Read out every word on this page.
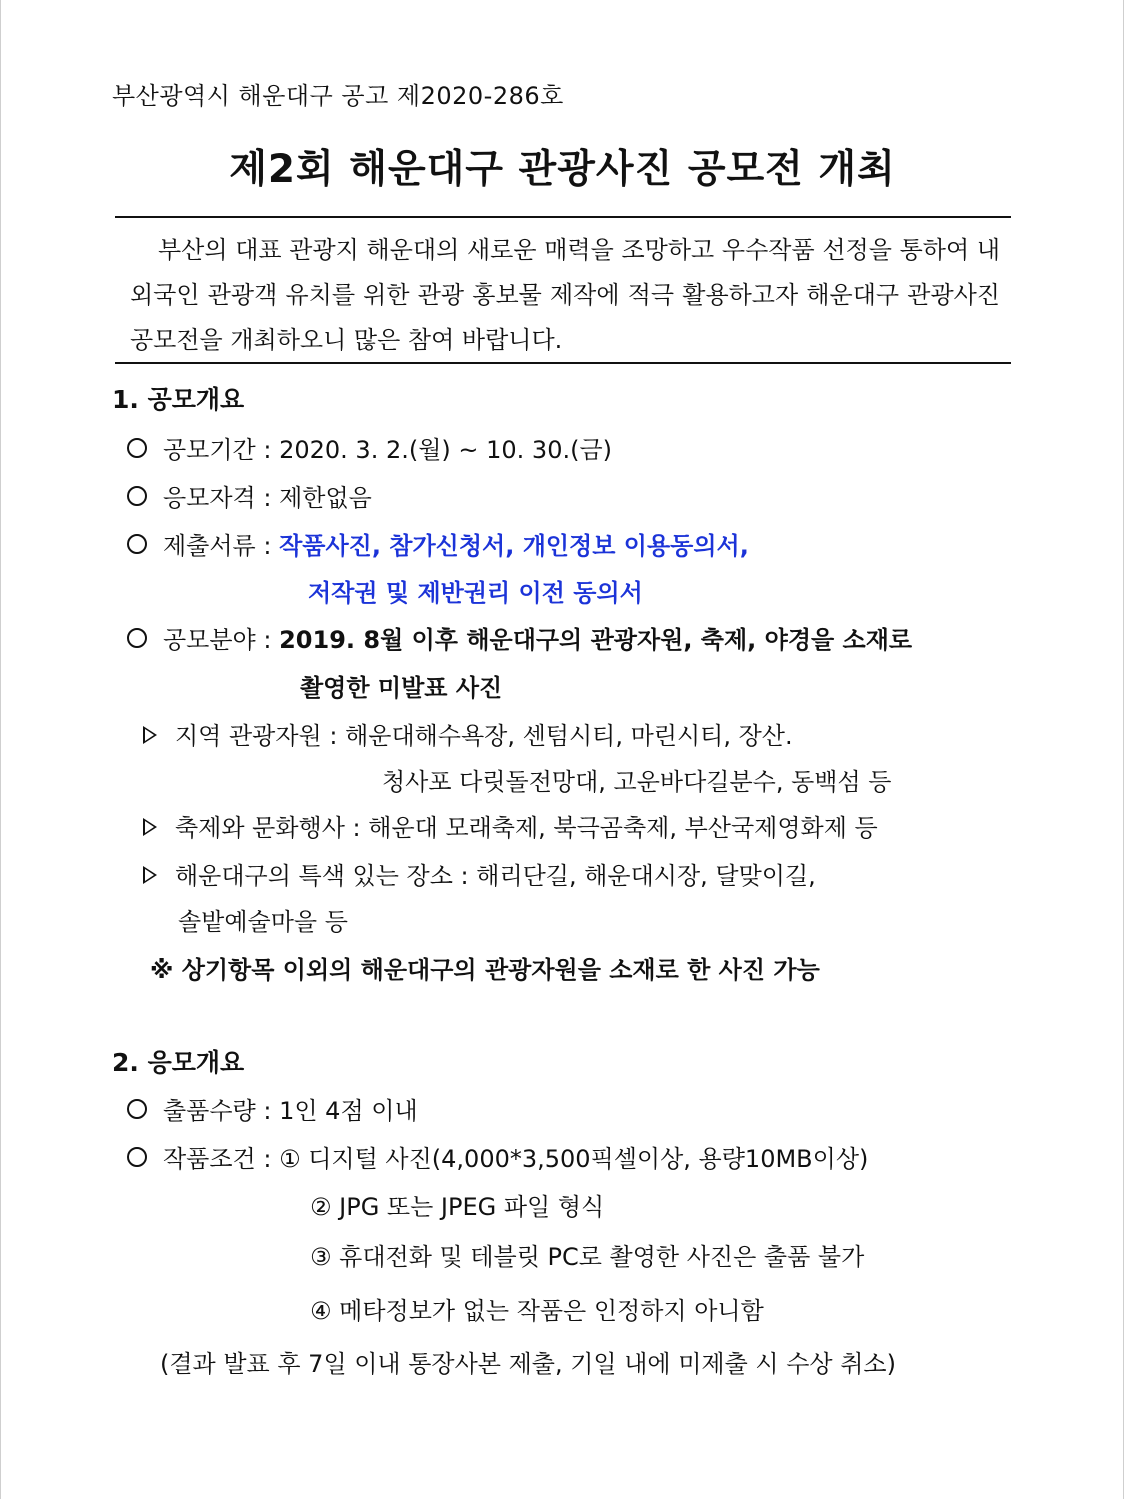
부산광역시 해운대구 공고 제2020-286호
제2회 해운대구 관광사진 공모전 개최
부산의 대표 관광지 해운대의 새로운 매력을 조망하고 우수작품 선정을 통하여 내외국인 관광객 유치를 위한 관광 홍보물 제작에 적극 활용하고자 해운대구 관광사진 공모전을 개최하오니 많은 참여 바랍니다.
1. 공모개요
공모기간 : 2020. 3. 2.(월) ~ 10. 30.(금)
응모자격 : 제한없음
제출서류 : 작품사진, 참가신청서, 개인정보 이용동의서,
저작권 및 제반권리 이전 동의서
공모분야 : 2019. 8월 이후 해운대구의 관광자원, 축제, 야경을 소재로
촬영한 미발표 사진
지역 관광자원 : 해운대해수욕장, 센텀시티, 마린시티, 장산.
청사포 다릿돌전망대, 고운바다길분수, 동백섬 등
축제와 문화행사 : 해운대 모래축제, 북극곰축제, 부산국제영화제 등
해운대구의 특색 있는 장소 : 해리단길, 해운대시장, 달맞이길,
솔밭예술마을 등
※ 상기항목 이외의 해운대구의 관광자원을 소재로 한 사진 가능
2. 응모개요
출품수량 : 1인 4점 이내
작품조건 : ① 디지털 사진(4,000*3,500픽셀이상, 용량10MB이상)
② JPG 또는 JPEG 파일 형식
③ 휴대전화 및 테블릿 PC로 촬영한 사진은 출품 불가
④ 메타정보가 없는 작품은 인정하지 아니함
(결과 발표 후 7일 이내 통장사본 제출, 기일 내에 미제출 시 수상 취소)
